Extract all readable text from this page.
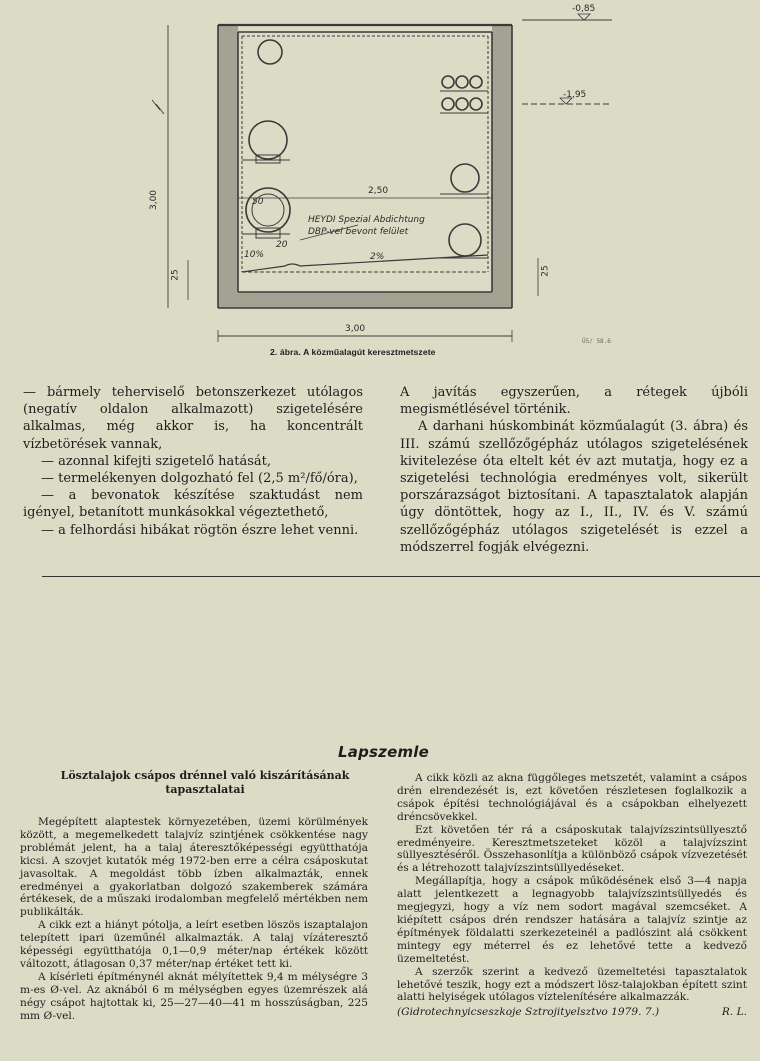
-0,85
-1,95
3,00	2,50
3,00
25	25
50
20
10%	2%
HEYDI Spezial Abdichtung
DBP-vel bevont felület
2. ábra. A közműalagút keresztmetszete
Ü5/ 58.6

— bármely teherviselő betonszerkezet utólagos (negatív oldalon alkalmazott) szigetelésére alkalmas, még akkor is, ha koncentrált vízbetörések vannak,

— azonnal kifejti szigetelő hatását,

— termelékenyen dolgozható fel (2,5 m²/fő/óra),

— a bevonatok készítése szaktudást nem igényel, betanított munkásokkal végeztethető,

— a felhordási hibákat rögtön észre lehet venni.

A javítás egyszerűen, a rétegek újbóli megismétlésével történik.

A darhani húskombinát közműalagút (3. ábra) és III. számú szellőzőgépház utólagos szigetelésének kivitelezése óta eltelt két év azt mutatja, hogy ez a szigetelési technológia eredményes volt, sikerült porszárazságot biztosítani. A tapasztalatok alapján úgy döntöttek, hogy az I., II., IV. és V. számú szellőzőgépház utólagos szigetelését is ezzel a módszerrel fogják elvégezni.

Lapszemle
Lösztalajok csápos drénnel való kiszárításának tapasztalatai

Megépített alaptestek környezetében, üzemi körülmények között, a megemelkedett talajvíz szintjének csökkentése nagy problémát jelent, ha a talaj áteresztőképességi együtthatója kicsi. A szovjet kutatók még 1972-ben erre a célra csáposkutat javasoltak. A megoldást több ízben alkalmazták, ennek eredményei a gyakorlatban dolgozó szakemberek számára értékesek, de a műszaki irodalomban megfelelő mértékben nem publikálták.

A cikk ezt a hiányt pótolja, a leírt esetben löszös iszaptalajon telepített ipari üzeműnél alkalmazták. A talaj vízáteresztő képességi együtthatója 0,1—0,9 méter/nap értékek között változott, átlagosan 0,37 méter/nap értéket tett ki.

A kísérleti építménynél aknát mélyítettek 9,4 m mélységre 3 m-es Ø-vel. Az aknából 6 m mélységben egyes üzemrészek alá négy csápot hajtottak ki, 25—27—40—41 m hosszúságban, 225 mm Ø-vel.

A cikk közli az akna függőleges metszetét, valamint a csápos drén elrendezését is, ezt követően részletesen foglalkozik a csápok építési technológiájával és a csápokban elhelyezett dréncsövekkel.

Ezt követően tér rá a csáposkutak talajvízszintsüllyesztő eredményeire. Keresztmetszeteket közöl a talajvízszint süllyesztéséről. Összehasonlítja a különböző csápok vízvezetését és a létrehozott talajvízszintsüllyedéseket.

Megállapítja, hogy a csápok működésének első 3—4 napja alatt jelentkezett a legnagyobb talajvízszintsüllyedés és megjegyzi, hogy a víz nem sodort magával szemcséket. A kiépített csápos drén rendszer hatására a talajvíz szintje az építmények földalatti szerkezeteinél a padlószint alá csökkent mintegy egy méterrel és ez lehetővé tette a kedvező üzemeltetést.

A szerzők szerint a kedvező üzemeltetési tapasztalatok lehetővé teszik, hogy ezt a módszert lösz-talajokban épített szint alatti helyiségek utólagos víztelenítésére alkalmazzák.

(Gidrotechnyicseszkoje Sztrojityelsztvo 1979. 7.)	R. L.
